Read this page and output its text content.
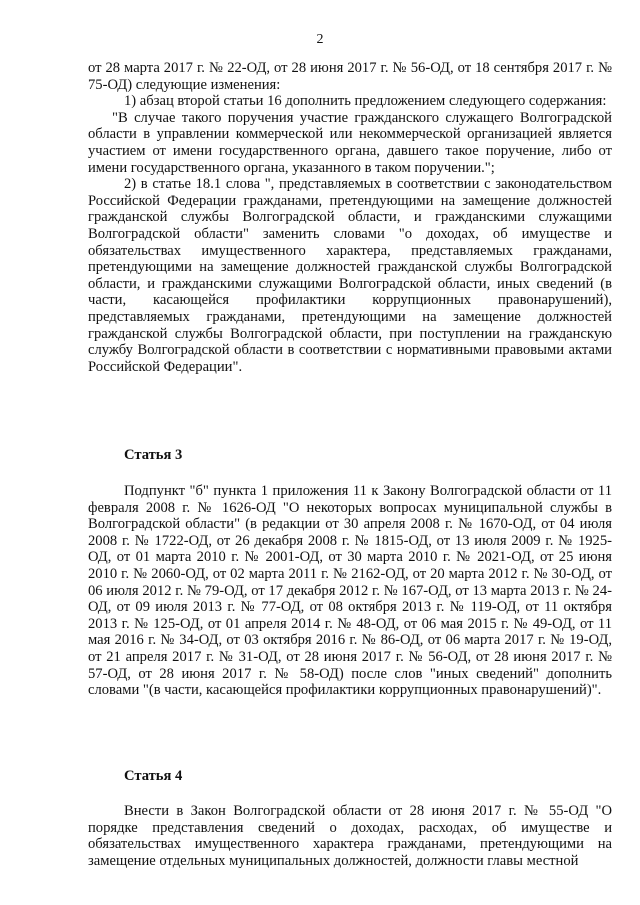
2

от 28 марта 2017 г. № 22-ОД, от 28 июня 2017 г. № 56-ОД, от 18 сентября 2017 г. № 75-ОД) следующие изменения:

1) абзац второй статьи 16 дополнить предложением следующего содержания:

"В случае такого поручения участие гражданского служащего Волгоградской области в управлении коммерческой или некоммерческой организацией является участием от имени государственного органа, давшего такое поручение, либо от имени государственного органа, указанного в таком поручении.";

2) в статье 18.1 слова ", представляемых в соответствии с законодательством Российской Федерации гражданами, претендующими на замещение должностей гражданской службы Волгоградской области, и гражданскими служащими Волгоградской области" заменить словами "о доходах, об имуществе и обязательствах имущественного характера, представляемых гражданами, претендующими на замещение должностей гражданской службы Волгоградской области, и гражданскими служащими Волгоградской области, иных сведений (в части, касающейся профилактики коррупционных правонарушений), представляемых гражданами, претендующими на замещение должностей гражданской службы Волгоградской области, при поступлении на гражданскую службу Волгоградской области в соответствии с нормативными правовыми актами Российской Федерации".

Статья 3

Подпункт "б" пункта 1 приложения 11 к Закону Волгоградской области от 11 февраля 2008 г. № 1626-ОД "О некоторых вопросах муниципальной службы в Волгоградской области" (в редакции от 30 апреля 2008 г. № 1670-ОД, от 04 июля 2008 г. № 1722-ОД, от 26 декабря 2008 г. № 1815-ОД, от 13 июля 2009 г. № 1925-ОД, от 01 марта 2010 г. № 2001-ОД, от 30 марта 2010 г. № 2021-ОД, от 25 июня 2010 г. № 2060-ОД, от 02 марта 2011 г. № 2162-ОД, от 20 марта 2012 г. № 30-ОД, от 06 июля 2012 г. № 79-ОД, от 17 декабря 2012 г. № 167-ОД, от 13 марта 2013 г. № 24-ОД, от 09 июля 2013 г. № 77-ОД, от 08 октября 2013 г. № 119-ОД, от 11 октября 2013 г. № 125-ОД, от 01 апреля 2014 г. № 48-ОД, от 06 мая 2015 г. № 49-ОД, от 11 мая 2016 г. № 34-ОД, от 03 октября 2016 г. № 86-ОД, от 06 марта 2017 г. № 19-ОД, от 21 апреля 2017 г. № 31-ОД, от 28 июня 2017 г. № 56-ОД, от 28 июня 2017 г. № 57-ОД, от 28 июня 2017 г. № 58-ОД) после слов "иных сведений" дополнить словами "(в части, касающейся профилактики коррупционных правонарушений)".

Статья 4

Внести в Закон Волгоградской области от 28 июня 2017 г. № 55-ОД "О порядке представления сведений о доходах, расходах, об имуществе и обязательствах имущественного характера гражданами, претендующими на замещение отдельных муниципальных должностей, должности главы местной
